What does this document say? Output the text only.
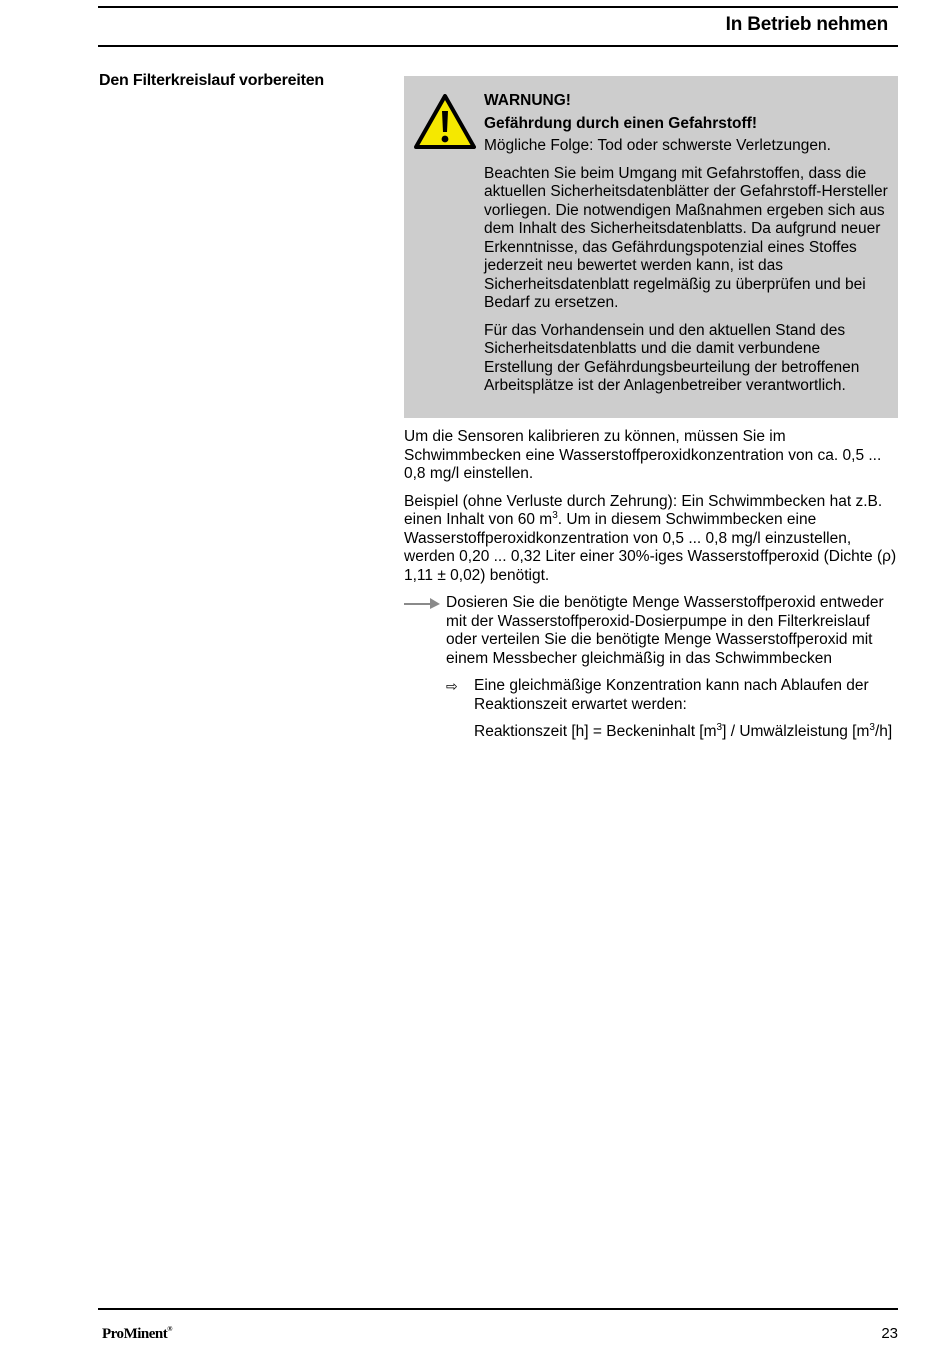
In Betrieb nehmen
Den Filterkreislauf vorbereiten

WARNUNG!

Gefährdung durch einen Gefahrstoff!

Mögliche Folge: Tod oder schwerste Verletzungen.

Beachten Sie beim Umgang mit Gefahrstoffen, dass die aktuellen Sicherheitsdatenblätter der Gefahrstoff-Hersteller vorliegen. Die notwendigen Maßnahmen ergeben sich aus dem Inhalt des Sicherheitsdatenblatts. Da aufgrund neuer Erkenntnisse, das Gefährdungspotenzial eines Stoffes jederzeit neu bewertet werden kann, ist das Sicherheitsdatenblatt regelmäßig zu überprüfen und bei Bedarf zu ersetzen.

Für das Vorhandensein und den aktuellen Stand des Sicherheitsdatenblatts und die damit verbundene Erstellung der Gefährdungsbeurteilung der betroffenen Arbeitsplätze ist der Anlagenbetreiber verantwortlich.

Um die Sensoren kalibrieren zu können, müssen Sie im Schwimmbecken eine Wasserstoffperoxidkonzentration von ca. 0,5 ... 0,8 mg/l einstellen.

Beispiel (ohne Verluste durch Zehrung): Ein Schwimmbecken hat z.B. einen Inhalt von 60 $m^3$. Um in diesem Schwimmbecken eine Wasserstoffperoxidkonzentration von 0,5 ... 0,8 mg/l einzustellen, werden 0,20 ... 0,32 Liter einer 30%-iges Wasserstoffperoxid (Dichte (ρ) 1,11 ± 0,02) benötigt.

Dosieren Sie die benötigte Menge Wasserstoffperoxid entweder mit der Wasserstoffperoxid-Dosierpumpe in den Filterkreislauf oder verteilen Sie die benötigte Menge Wasserstoffperoxid mit einem Messbecher gleichmäßig in das Schwimmbecken
⇨ Eine gleichmäßige Konzentration kann nach Ablaufen der Reaktionszeit erwartet werden:

Reaktionszeit [h] = Beckeninhalt $[m^3]$ / Umwälzleistung $[m^3/h]$

ProMinent®	23
